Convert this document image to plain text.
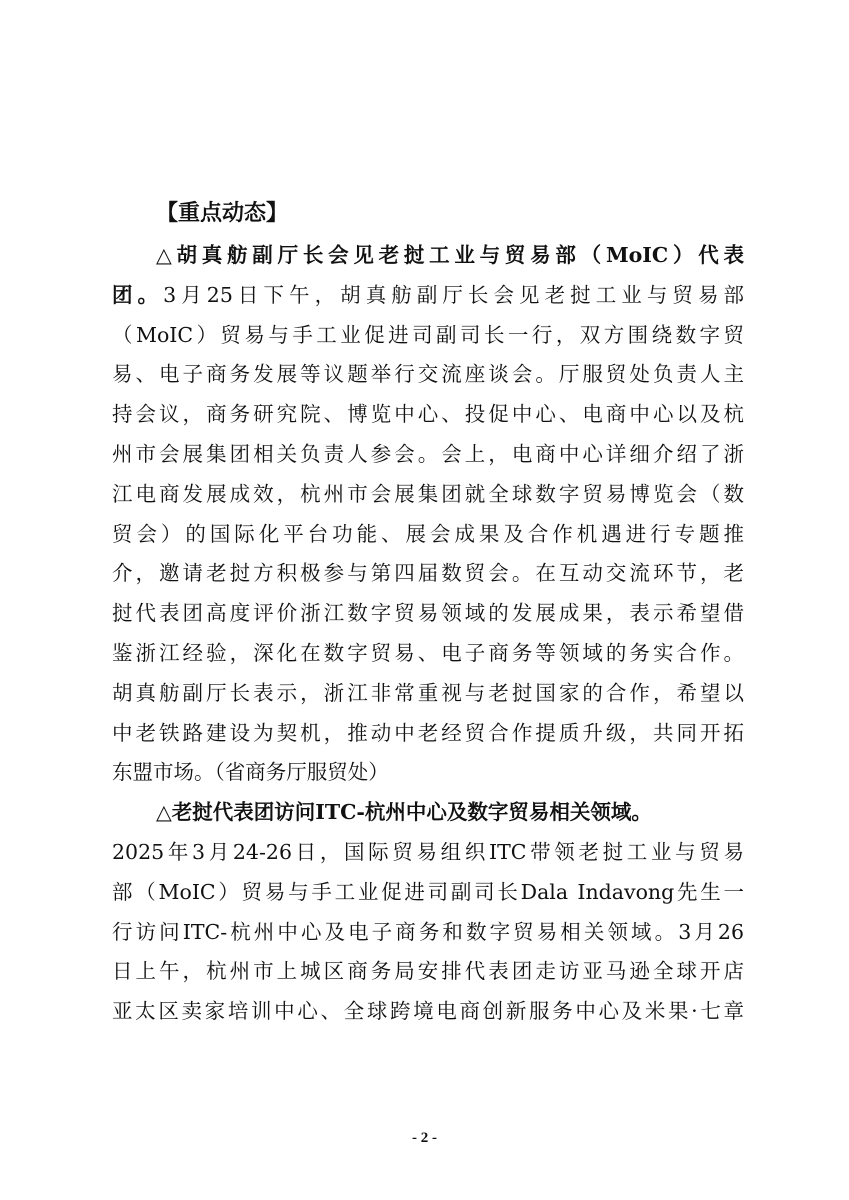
【重点动态】
△胡真舫副厅长会见老挝工业与贸易部（MoIC）代表
团。3月25日下午，胡真舫副厅长会见老挝工业与贸易部
（MoIC）贸易与手工业促进司副司长一行，双方围绕数字贸
易、电子商务发展等议题举行交流座谈会。厅服贸处负责人主
持会议，商务研究院、博览中心、投促中心、电商中心以及杭
州市会展集团相关负责人参会。会上，电商中心详细介绍了浙
江电商发展成效，杭州市会展集团就全球数字贸易博览会（数
贸会）的国际化平台功能、展会成果及合作机遇进行专题推
介，邀请老挝方积极参与第四届数贸会。在互动交流环节，老
挝代表团高度评价浙江数字贸易领域的发展成果，表示希望借
鉴浙江经验，深化在数字贸易、电子商务等领域的务实合作。
胡真舫副厅长表示，浙江非常重视与老挝国家的合作，希望以
中老铁路建设为契机，推动中老经贸合作提质升级，共同开拓
东盟市场。（省商务厅服贸处）
△老挝代表团访问ITC-杭州中心及数字贸易相关领域。
2025年3月24-26日，国际贸易组织ITC带领老挝工业与贸易
部（MoIC）贸易与手工业促进司副司长Dala Indavong先生一
行访问ITC-杭州中心及电子商务和数字贸易相关领域。3月26
日上午，杭州市上城区商务局安排代表团走访亚马逊全球开店
亚太区卖家培训中心、全球跨境电商创新服务中心及米果·七章
- 2 -
